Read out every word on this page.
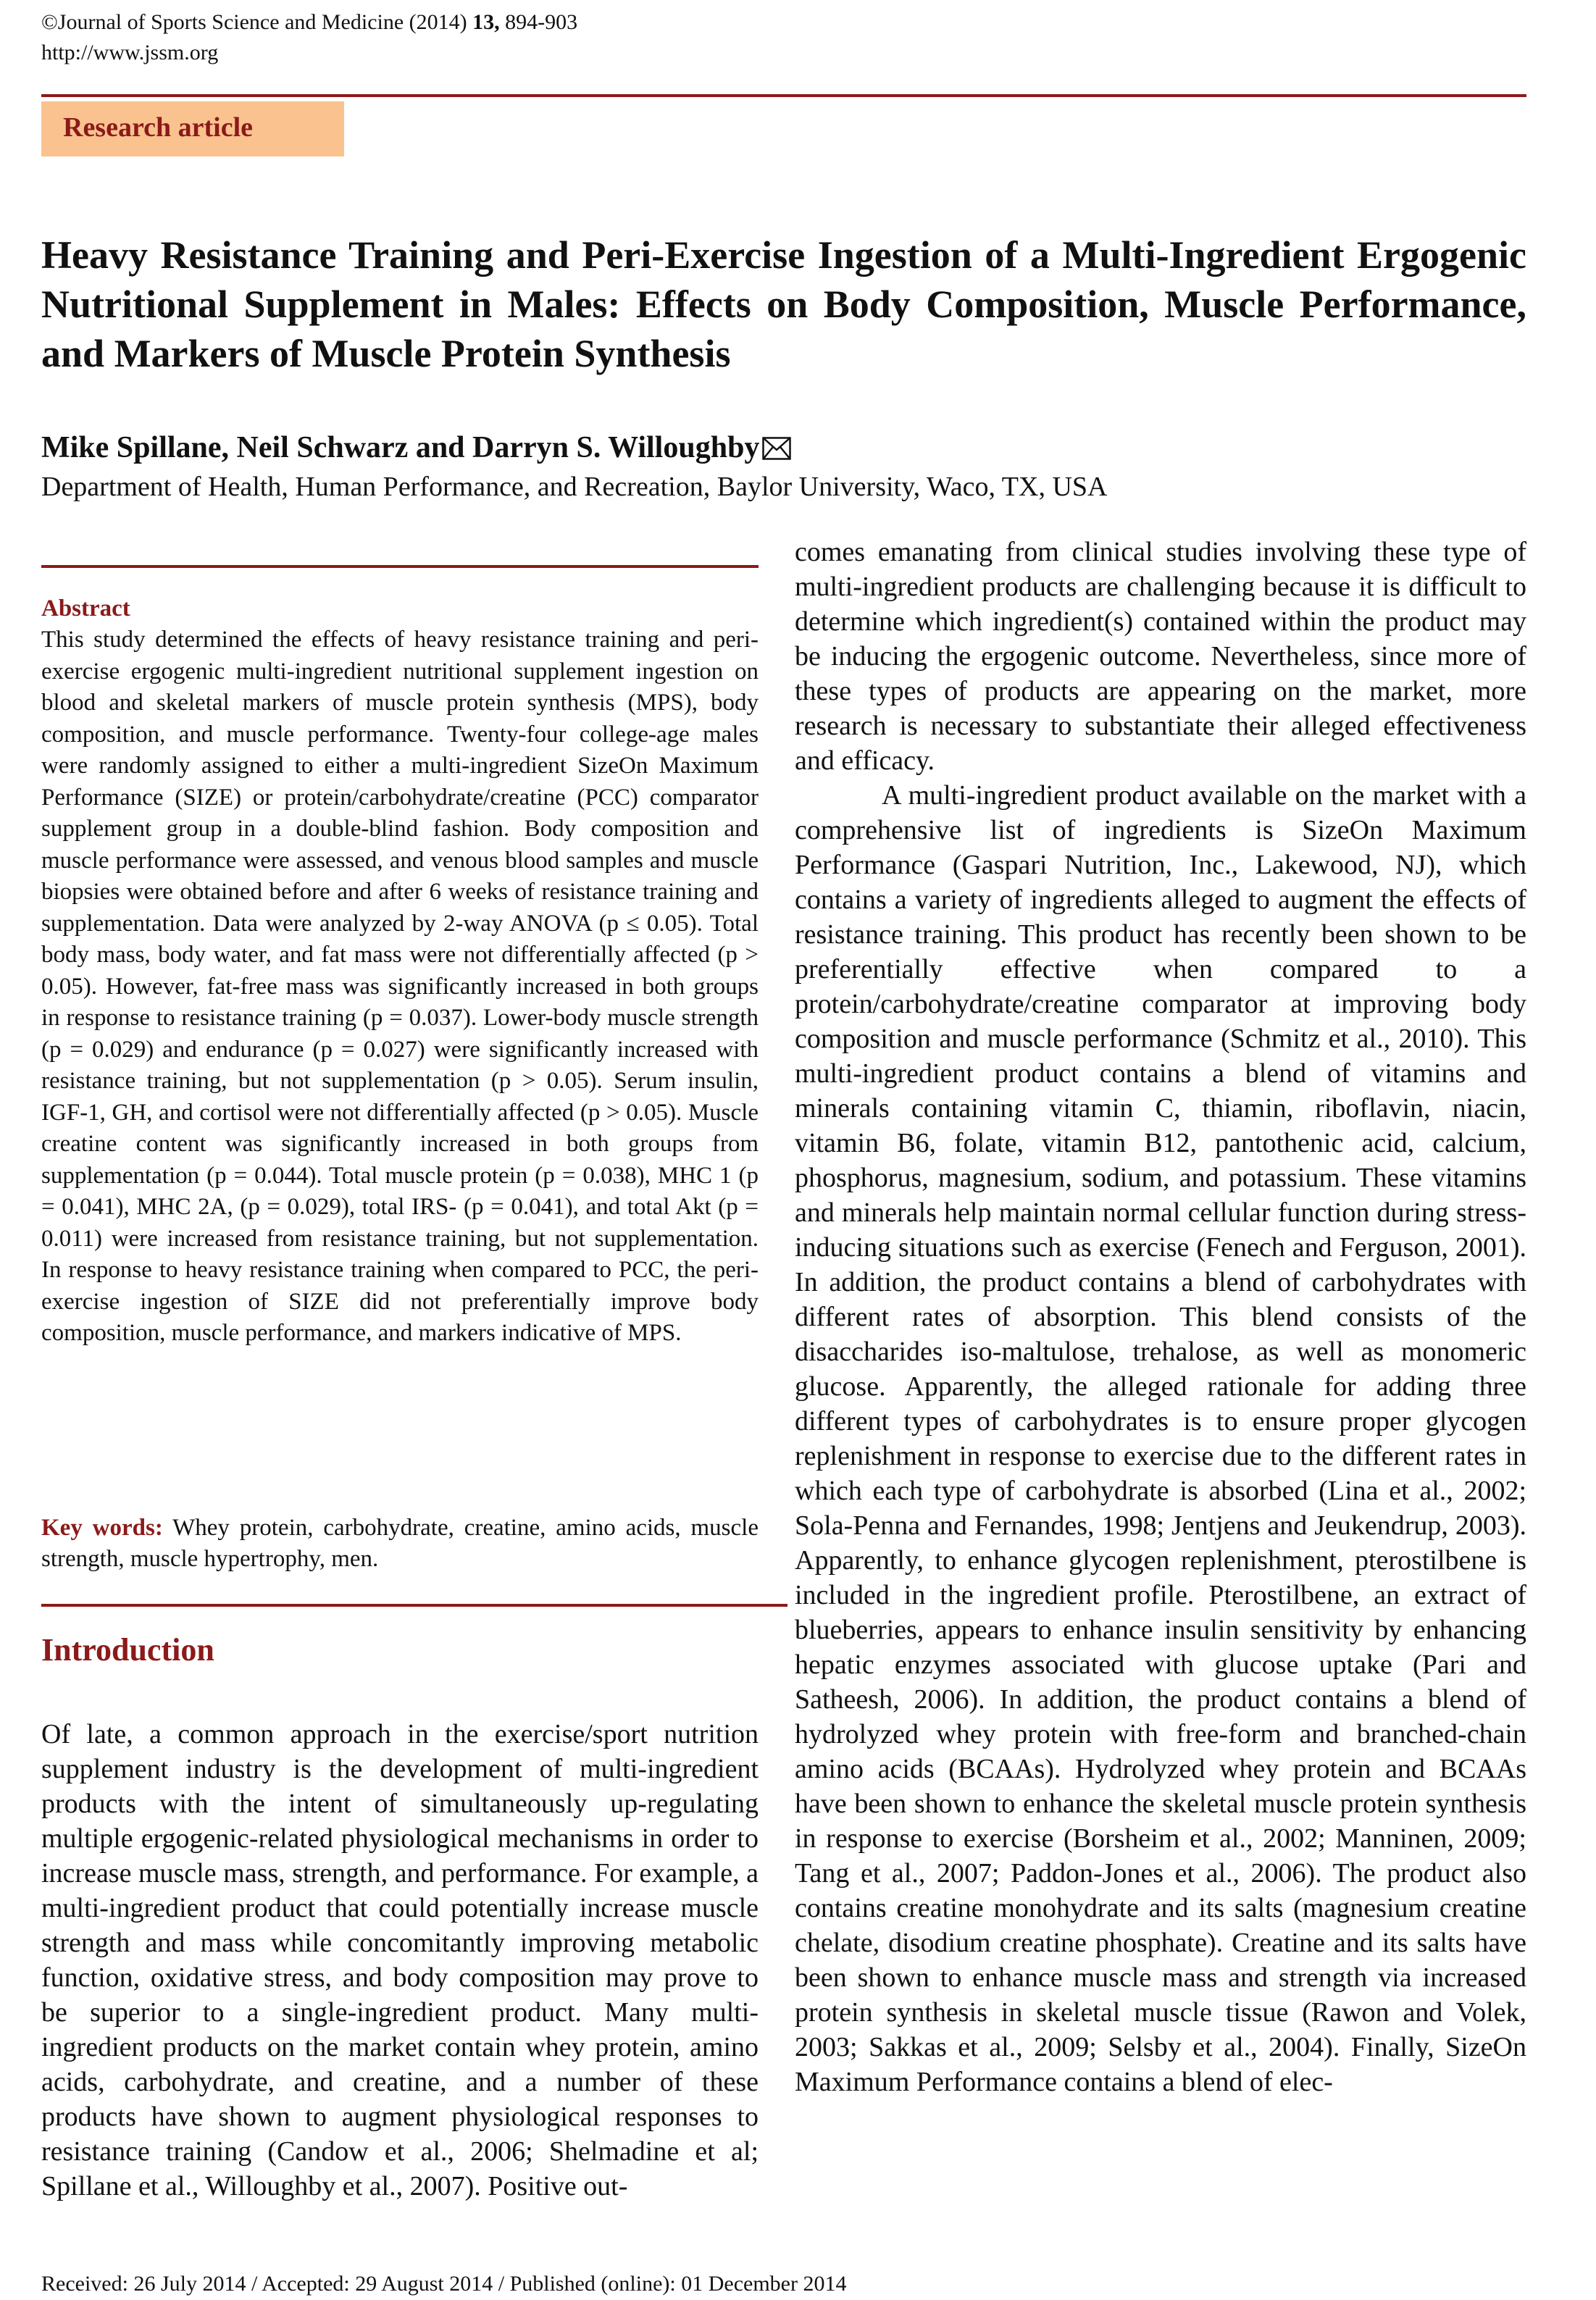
©Journal of Sports Science and Medicine (2014) 13, 894-903
http://www.jssm.org
Research article
Heavy Resistance Training and Peri-Exercise Ingestion of a Multi-Ingredient Ergogenic Nutritional Supplement in Males: Effects on Body Composition, Muscle Performance, and Markers of Muscle Protein Synthesis
Mike Spillane, Neil Schwarz and Darryn S. Willoughby
Department of Health, Human Performance, and Recreation, Baylor University, Waco, TX, USA
Abstract
This study determined the effects of heavy resistance training and peri-exercise ergogenic multi-ingredient nutritional supplement ingestion on blood and skeletal markers of muscle protein synthesis (MPS), body composition, and muscle performance. Twenty-four college-age males were randomly assigned to either a multi-ingredient SizeOn Maximum Performance (SIZE) or protein/carbohydrate/creatine (PCC) comparator supplement group in a double-blind fashion. Body composition and muscle performance were assessed, and venous blood samples and muscle biopsies were obtained before and after 6 weeks of resistance training and supplementation. Data were analyzed by 2-way ANOVA (p ≤ 0.05). Total body mass, body water, and fat mass were not differentially affected (p > 0.05). However, fat-free mass was significantly increased in both groups in response to resistance training (p = 0.037). Lower-body muscle strength (p = 0.029) and endurance (p = 0.027) were significantly increased with resistance training, but not supplementation (p > 0.05). Serum insulin, IGF-1, GH, and cortisol were not differentially affected (p > 0.05). Muscle creatine content was significantly increased in both groups from supplementation (p = 0.044). Total muscle protein (p = 0.038), MHC 1 (p = 0.041), MHC 2A, (p = 0.029), total IRS- (p = 0.041), and total Akt (p = 0.011) were increased from resistance training, but not supplementation. In response to heavy resistance training when compared to PCC, the peri-exercise ingestion of SIZE did not preferentially improve body composition, muscle performance, and markers indicative of MPS.
Key words: Whey protein, carbohydrate, creatine, amino acids, muscle strength, muscle hypertrophy, men.
Introduction
Of late, a common approach in the exercise/sport nutrition supplement industry is the development of multi-ingredient products with the intent of simultaneously up-regulating multiple ergogenic-related physiological mechanisms in order to increase muscle mass, strength, and performance. For example, a multi-ingredient product that could potentially increase muscle strength and mass while concomitantly improving metabolic function, oxidative stress, and body composition may prove to be superior to a single-ingredient product. Many multi-ingredient products on the market contain whey protein, amino acids, carbohydrate, and creatine, and a number of these products have shown to augment physiological responses to resistance training (Candow et al., 2006; Shelmadine et al; Spillane et al., Willoughby et al., 2007). Positive out-

comes emanating from clinical studies involving these type of multi-ingredient products are challenging because it is difficult to determine which ingredient(s) contained within the product may be inducing the ergogenic outcome. Nevertheless, since more of these types of products are appearing on the market, more research is necessary to substantiate their alleged effectiveness and efficacy.

A multi-ingredient product available on the market with a comprehensive list of ingredients is SizeOn Maximum Performance (Gaspari Nutrition, Inc., Lakewood, NJ), which contains a variety of ingredients alleged to augment the effects of resistance training. This product has recently been shown to be preferentially effective when compared to a protein/carbohydrate/creatine comparator at improving body composition and muscle performance (Schmitz et al., 2010). This multi-ingredient product contains a blend of vitamins and minerals containing vitamin C, thiamin, riboflavin, niacin, vitamin B6, folate, vitamin B12, pantothenic acid, calcium, phosphorus, magnesium, sodium, and potassium. These vitamins and minerals help maintain normal cellular function during stress-inducing situations such as exercise (Fenech and Ferguson, 2001). In addition, the product contains a blend of carbohydrates with different rates of absorption. This blend consists of the disaccharides iso-maltulose, trehalose, as well as monomeric glucose. Apparently, the alleged rationale for adding three different types of carbohydrates is to ensure proper glycogen replenishment in response to exercise due to the different rates in which each type of carbohydrate is absorbed (Lina et al., 2002; Sola-Penna and Fernandes, 1998; Jentjens and Jeukendrup, 2003). Apparently, to enhance glycogen replenishment, pterostilbene is included in the ingredient profile. Pterostilbene, an extract of blueberries, appears to enhance insulin sensitivity by enhancing hepatic enzymes associated with glucose uptake (Pari and Satheesh, 2006). In addition, the product contains a blend of hydrolyzed whey protein with free-form and branched-chain amino acids (BCAAs). Hydrolyzed whey protein and BCAAs have been shown to enhance the skeletal muscle protein synthesis in response to exercise (Borsheim et al., 2002; Manninen, 2009; Tang et al., 2007; Paddon-Jones et al., 2006). The product also contains creatine monohydrate and its salts (magnesium creatine chelate, disodium creatine phosphate). Creatine and its salts have been shown to enhance muscle mass and strength via increased protein synthesis in skeletal muscle tissue (Rawon and Volek, 2003; Sakkas et al., 2009; Selsby et al., 2004). Finally, SizeOn Maximum Performance contains a blend of elec-

Received: 26 July 2014 / Accepted: 29 August 2014 / Published (online): 01 December 2014
